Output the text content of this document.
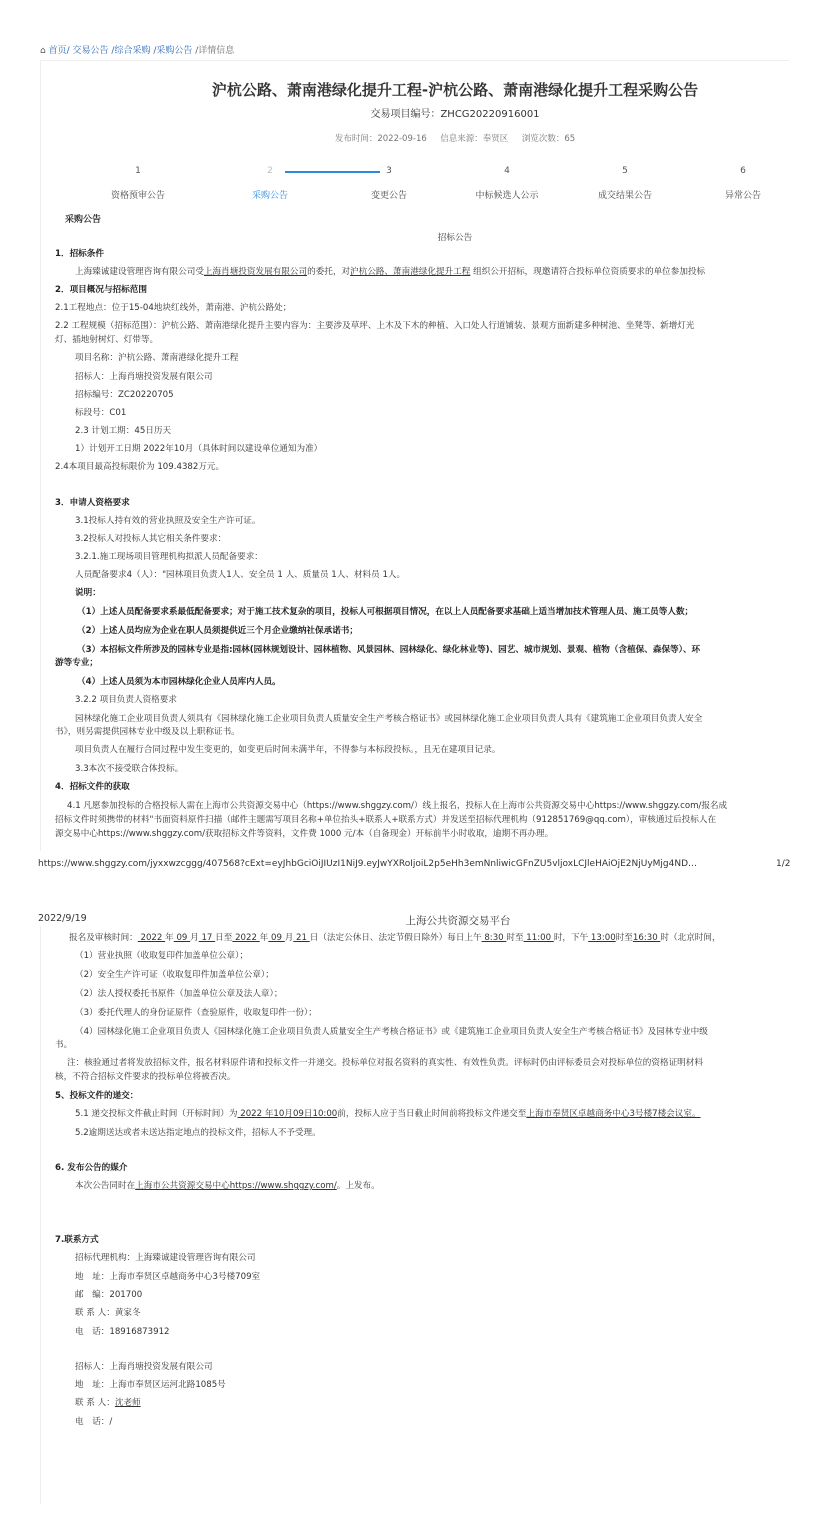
⌂ 首页/ 交易公告 /综合采购 /采购公告 /详情信息
沪杭公路、萧南港绿化提升工程-沪杭公路、萧南港绿化提升工程采购公告
交易项目编号：ZHCG20220916001
发布时间：2022-09-16 信息来源：奉贤区 浏览次数：65
1	2	3	4	5	6
资格预审公告	采购公告	变更公告	中标候选人公示	成交结果公告	异常公告
采购公告
招标公告
1．招标条件
上海臻诚建设管理咨询有限公司受上海肖塘投资发展有限公司的委托，对沪杭公路、萧南港绿化提升工程 组织公开招标，现邀请符合投标单位资质要求的单位参加投标
2．项目概况与招标范围
2.1工程地点：位于15-04地块红线外，萧南港、沪杭公路处；
2.2 工程规模（招标范围）：沪杭公路、萧南港绿化提升主要内容为：主要涉及草坪、上木及下木的种植、入口处人行道铺装、景观方面新建多种树池、坐凳等、新增灯光
灯、插地射树灯、灯带等。
项目名称：沪杭公路、萧南港绿化提升工程
招标人：上海肖塘投资发展有限公司
招标编号：ZC20220705
标段号：C01
2.3 计划工期：45日历天
1）计划开工日期 2022年10月（具体时间以建设单位通知为准）
2.4本项目最高投标限价为 109.4382万元。
3．申请人资格要求
3.1投标人持有效的营业执照及安全生产许可证。
3.2投标人对投标人其它相关条件要求：
3.2.1.施工现场项目管理机构拟派人员配备要求：
人员配备要求4（人）："园林项目负责人1人、安全员 1 人、质量员 1人、材料员 1人。
说明：
（1）上述人员配备要求系最低配备要求；对于施工技术复杂的项目，投标人可根据项目情况，在以上人员配备要求基础上适当增加技术管理人员、施工员等人数；
（2）上述人员均应为企业在职人员须提供近三个月企业缴纳社保承诺书；
（3）本招标文件所涉及的园林专业是指:园林(园林规划设计、园林植物、风景园林、园林绿化、绿化林业等)、园艺、城市规划、景观、植物（含植保、森保等）、环
游等专业；
（4）上述人员须为本市园林绿化企业人员库内人员。
3.2.2 项目负责人资格要求
园林绿化施工企业项目负责人须具有《园林绿化施工企业项目负责人质量安全生产考核合格证书》或园林绿化施工企业项目负责人具有《建筑施工企业项目负责人安全
书》，则另需提供园林专业中级及以上职称证书。
项目负责人在履行合同过程中发生变更的，如变更后时间未满半年，不得参与本标段投标。，且无在建项目记录。
3.3本次不接受联合体投标。
4．招标文件的获取
4.1 凡愿参加投标的合格投标人需在上海市公共资源交易中心（https://www.shggzy.com/）线上报名，投标人在上海市公共资源交易中心https://www.shggzy.com/报名成
招标文件时须携带的材料"书面资料原件扫描（邮件主题需写项目名称+单位抬头+联系人+联系方式）并发送至招标代理机构（912851769@qq.com），审核通过后投标人在
源交易中心https://www.shggzy.com/获取招标文件等资料，文件费 1000 元/本（自备现金）开标前半小时收取，逾期不再办理。
https://www.shggzy.com/jyxxwzcggg/407568?cExt=eyJhbGciOiJIUzI1NiJ9.eyJwYXRoIjoiL2p5eHh3emNnliwicGFnZU5vljoxLCJleHAiOjE2NjUyMjg4ND…	1/2
2022/9/19	上海公共资源交易平台
报名及审核时间： 2022 年 09 月 17 日至 2022 年 09 月 21 日（法定公休日、法定节假日除外）每日上午 8:30 时至 11:00 时，下午 13:00时至16:30 时（北京时间，
（1）营业执照（收取复印件加盖单位公章）；
（2）安全生产许可证（收取复印件加盖单位公章）；
（2）法人授权委托书原件（加盖单位公章及法人章）；
（3）委托代理人的身份证原件（查验原件，收取复印件一份）；
（4）园林绿化施工企业项目负责人《园林绿化施工企业项目负责人质量安全生产考核合格证书》或《建筑施工企业项目负责人安全生产考核合格证书》及园林专业中级
书。
注：核验通过者将发放招标文件，报名材料原件请和投标文件一并递交。投标单位对报名资料的真实性、有效性负责。评标时仍由评标委员会对投标单位的资格证明材料
核，不符合招标文件要求的投标单位将被否决。
5、投标文件的递交：
5.1 递交投标文件截止时间（开标时间）为 2022 年10月09日10:00前，投标人应于当日截止时间前将投标文件递交至上海市奉贤区卓越商务中心3号楼7楼会议室。
5.2逾期送达或者未送达指定地点的投标文件，招标人不予受理。
6. 发布公告的媒介
本次公告同时在上海市公共资源交易中心https://www.shggzy.com/。上发布。
7.联系方式
招标代理机构：上海臻诚建设管理咨询有限公司
地　址：上海市奉贤区卓越商务中心3号楼709室
邮　编：201700
联 系 人：黄家冬
电　话：18916873912
招标人：上海肖塘投资发展有限公司
地　址：上海市奉贤区运河北路1085号
联 系 人：沈老师
电　话：/
